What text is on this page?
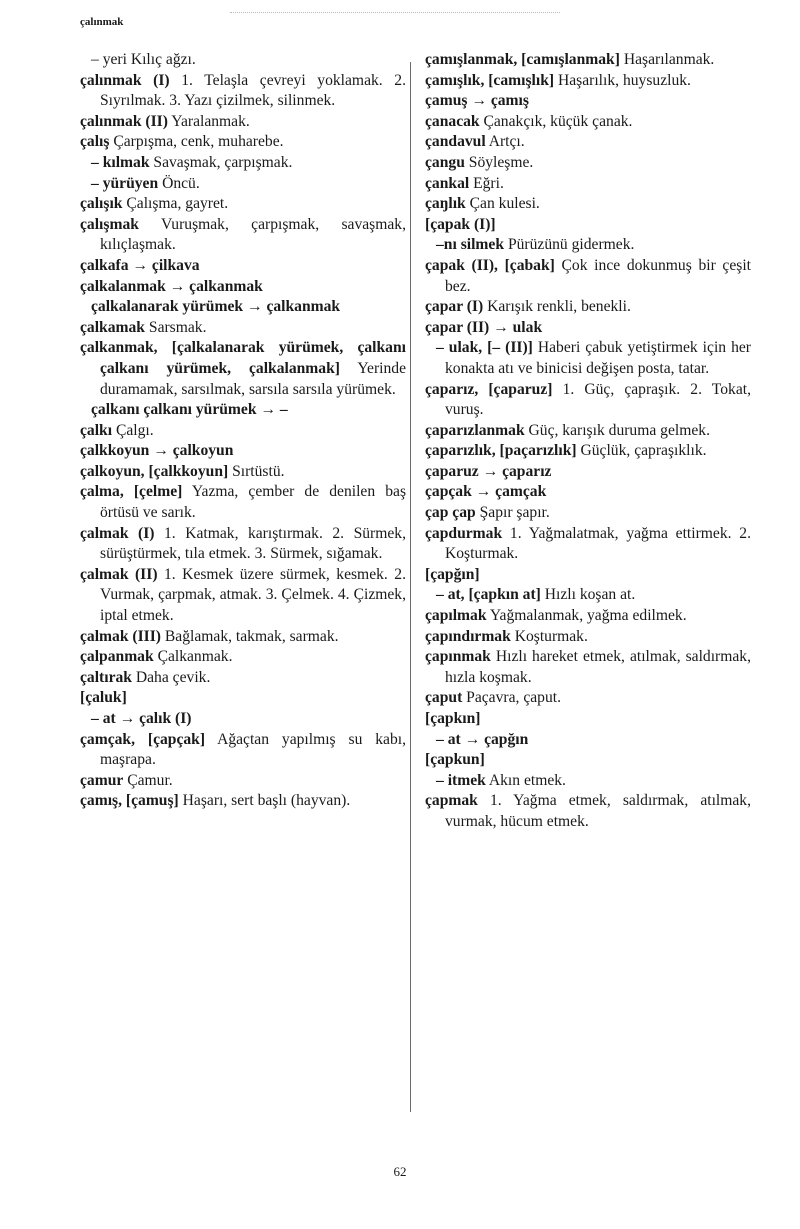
çalınmak
– yeri Kılıç ağzı.
çalınmak (I) 1. Telaşla çevreyi yoklamak. 2. Sıyrılmak. 3. Yazı çizilmek, silinmek.
çalınmak (II) Yaralanmak.
çalış Çarpışma, cenk, muharebe.
– kılmak Savaşmak, çarpışmak.
– yürüyen Öncü.
çalışık Çalışma, gayret.
çalışmak Vuruşmak, çarpışmak, savaşmak, kılıçlaşmak.
çalkafa → çilkava
çalkalanmak → çalkanmak
çalkalanarak yürümek → çalkanmak
çalkamak Sarsmak.
çalkanmak, [çalkalanarak yürümek, çalkanı çalkanı yürümek, çalkalanmak] Yerinde duramamak, sarsılmak, sarsıla sarsıla yürümek.
çalkanı çalkanı yürümek → –
çalkı Çalgı.
çalkkoyun → çalkoyun
çalkoyun, [çalkkoyun] Sırtüstü.
çalma, [çelme] Yazma, çember de denilen baş örtüsü ve sarık.
çalmak (I) 1. Katmak, karıştırmak. 2. Sürmek, sürüştürmek, tıla etmek. 3. Sürmek, sığamak.
çalmak (II) 1. Kesmek üzere sürmek, kesmek. 2. Vurmak, çarpmak, atmak. 3. Çelmek. 4. Çizmek, iptal etmek.
çalmak (III) Bağlamak, takmak, sarmak.
çalpanmak Çalkanmak.
çaltırak Daha çevik.
[çaluk]
– at → çalık (I)
çamçak, [çapçak] Ağaçtan yapılmış su kabı, maşrapa.
çamur Çamur.
çamış, [çamuş] Haşarı, sert başlı (hayvan).
çamışlanmak, [camışlanmak] Haşarılanmak.
çamışlık, [camışlık] Haşarılık, huysuzluk.
çamuş → çamış
çanacak Çanakçık, küçük çanak.
çandavul Artçı.
çangu Söyleşme.
çankal Eğri.
çaŋlık Çan kulesi.
[çapak (I)]
–nı silmek Pürüzünü gidermek.
çapak (II), [çabak] Çok ince dokunmuş bir çeşit bez.
çapar (I) Karışık renkli, benekli.
çapar (II) → ulak
– ulak, [– (II)] Haberi çabuk yetiştirmek için her konakta atı ve binicisi değişen posta, tatar.
çaparız, [çaparuz] 1. Güç, çapraşık. 2. Tokat, vuruş.
çaparızlanmak Güç, karışık duruma gelmek.
çaparızlık, [paçarızlık] Güçlük, çapraşıklık.
çaparuz → çaparız
çapçak → çamçak
çap çap Şapır şapır.
çapdurmak 1. Yağmalatmak, yağma ettirmek. 2. Koşturmak.
[çapğın]
– at, [çapkın at] Hızlı koşan at.
çapılmak Yağmalanmak, yağma edilmek.
çapındırmak Koşturmak.
çapınmak Hızlı hareket etmek, atılmak, saldırmak, hızla koşmak.
çaput Paçavra, çaput.
[çapkın]
– at → çapğın
[çapkun]
– itmek Akın etmek.
çapmak 1. Yağma etmek, saldırmak, atılmak, vurmak, hücum etmek.
62
